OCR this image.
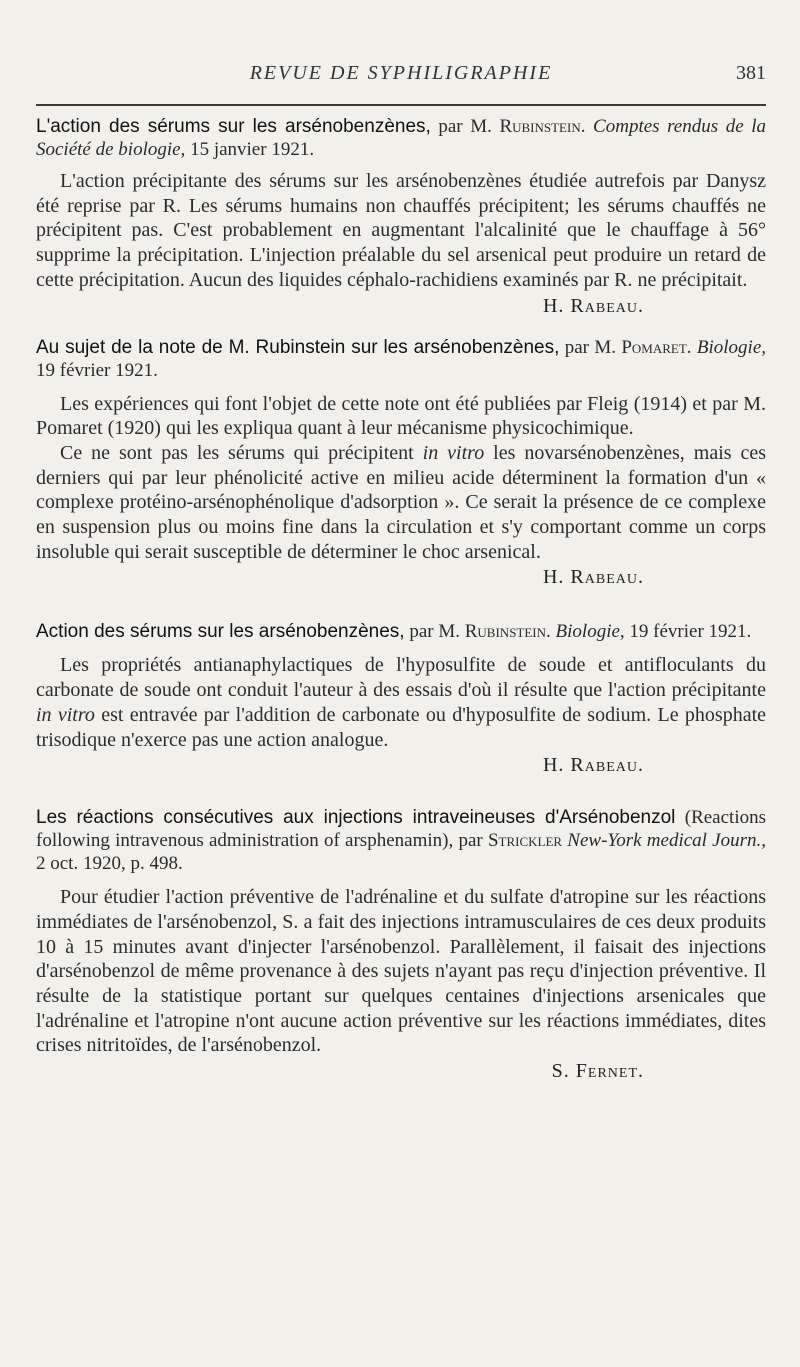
REVUE DE SYPHILIGRAPHIE	381

L'action des sérums sur les arsénobenzènes, par M. Rubinstein. Comptes rendus de la Société de biologie, 15 janvier 1921.

L'action précipitante des sérums sur les arsénobenzènes étudiée autrefois par Danysz été reprise par R. Les sérums humains non chauffés précipitent; les sérums chauffés ne précipitent pas. C'est probablement en augmentant l'alcalinité que le chauffage à 56° supprime la précipitation. L'injection préalable du sel arsenical peut produire un retard de cette précipitation. Aucun des liquides céphalo-rachidiens examinés par R. ne précipitait.

H. Rabeau.

Au sujet de la note de M. Rubinstein sur les arsénobenzènes, par M. Pomaret. Biologie, 19 février 1921.

Les expériences qui font l'objet de cette note ont été publiées par Fleig (1914) et par M. Pomaret (1920) qui les expliqua quant à leur mécanisme physicochimique.

Ce ne sont pas les sérums qui précipitent in vitro les novarsénobenzènes, mais ces derniers qui par leur phénolicité active en milieu acide déterminent la formation d'un « complexe protéino-arsénophénolique d'adsorption ». Ce serait la présence de ce complexe en suspension plus ou moins fine dans la circulation et s'y comportant comme un corps insoluble qui serait susceptible de déterminer le choc arsenical.

H. Rabeau.

Action des sérums sur les arsénobenzènes, par M. Rubinstein. Biologie, 19 février 1921.

Les propriétés antianaphylactiques de l'hyposulfite de soude et antifloculants du carbonate de soude ont conduit l'auteur à des essais d'où il résulte que l'action précipitante in vitro est entravée par l'addition de carbonate ou d'hyposulfite de sodium. Le phosphate trisodique n'exerce pas une action analogue.

H. Rabeau.

Les réactions consécutives aux injections intraveineuses d'Arsénobenzol (Reactions following intravenous administration of arsphenamin), par Strickler New-York medical Journ., 2 oct. 1920, p. 498.

Pour étudier l'action préventive de l'adrénaline et du sulfate d'atropine sur les réactions immédiates de l'arsénobenzol, S. a fait des injections intramusculaires de ces deux produits 10 à 15 minutes avant d'injecter l'arsénobenzol. Parallèlement, il faisait des injections d'arsénobenzol de même provenance à des sujets n'ayant pas reçu d'injection préventive. Il résulte de la statistique portant sur quelques centaines d'injections arsenicales que l'adrénaline et l'atropine n'ont aucune action préventive sur les réactions immédiates, dites crises nitritoïdes, de l'arsénobenzol.

S. Fernet.
